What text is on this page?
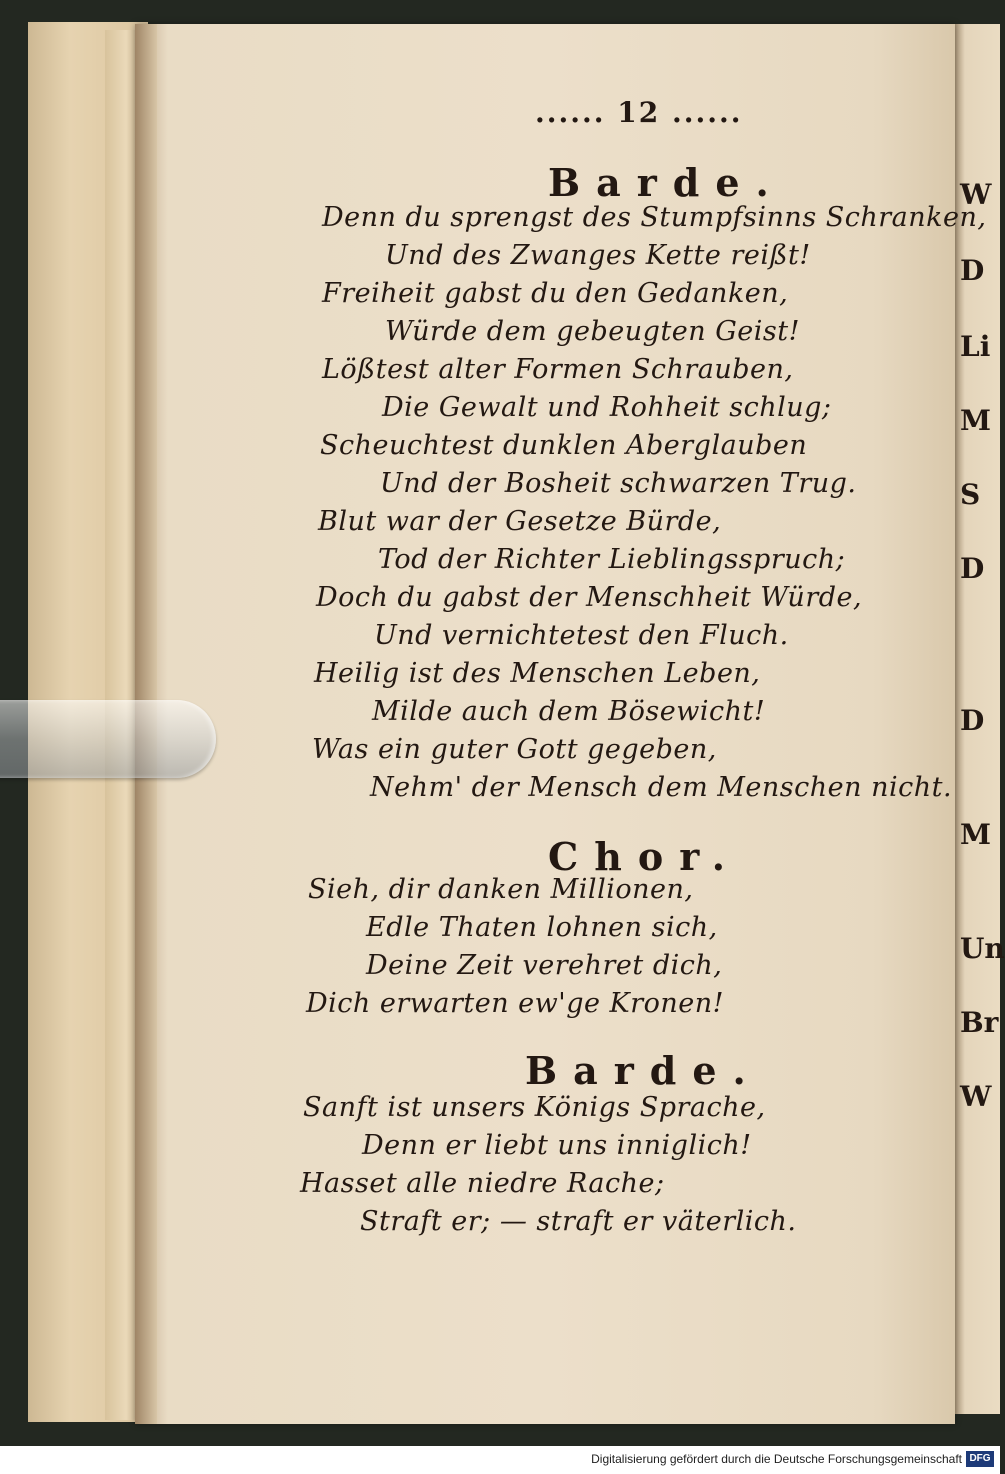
...... 12 ......
Barde.
Denn du sprengst des Stumpfsinns Schranken,
Und des Zwanges Kette reißt!
Freiheit gabst du den Gedanken,
Würde dem gebeugten Geist!
Lößtest alter Formen Schrauben,
Die Gewalt und Rohheit schlug;
Scheuchtest dunklen Aberglauben
Und der Bosheit schwarzen Trug.
Blut war der Gesetze Bürde,
Tod der Richter Lieblingsspruch;
Doch du gabst der Menschheit Würde,
Und vernichtetest den Fluch.
Heilig ist des Menschen Leben,
Milde auch dem Bösewicht!
Was ein guter Gott gegeben,
Nehm' der Mensch dem Menschen nicht.
Chor.
Sieh, dir danken Millionen,
Edle Thaten lohnen sich,
Deine Zeit verehret dich,
Dich erwarten ew'ge Kronen!
Barde.
Sanft ist unsers Königs Sprache,
Denn er liebt uns inniglich!
Hasset alle niedre Rache;
Straft er; — straft er väterlich.
W
D
Li
M
S
D
D
M
Un
Br
W
Digitalisierung gefördert durch die Deutsche Forschungsgemeinschaft DFG
